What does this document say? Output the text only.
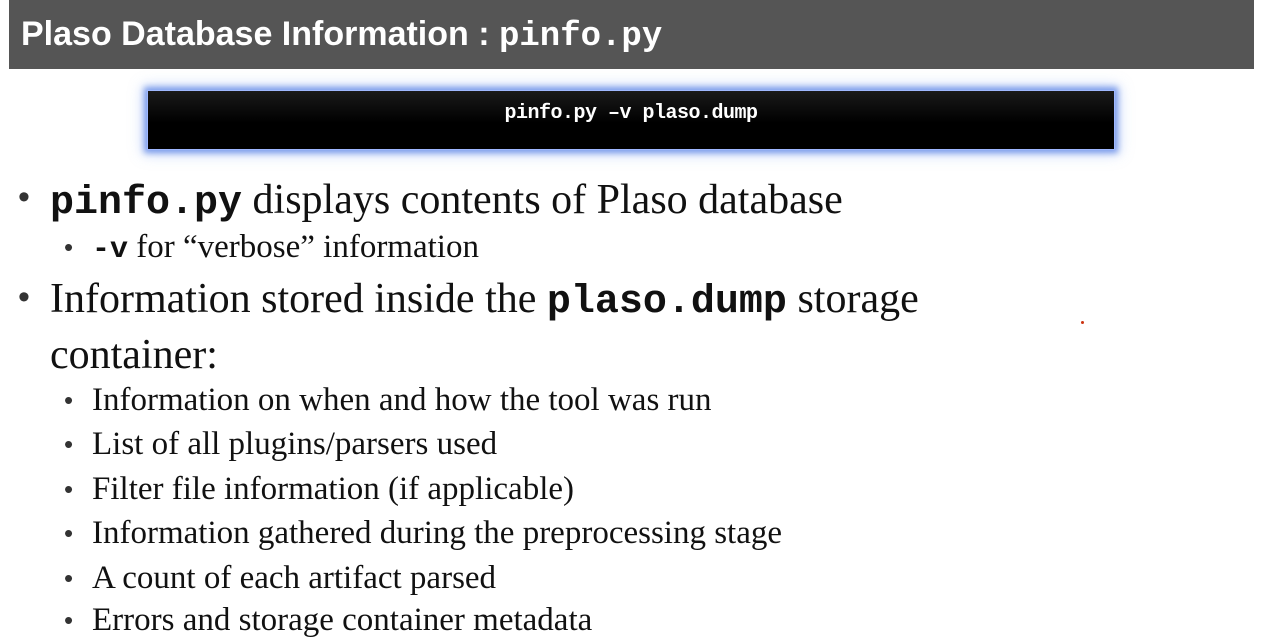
Plaso Database Information : pinfo.py
pinfo.py –v plaso.dump
• pinfo.py displays contents of Plaso database
• -v for “verbose” information
• Information stored inside the plaso.dump storage
container:
• Information on when and how the tool was run
• List of all plugins/parsers used
• Filter file information (if applicable)
• Information gathered during the preprocessing stage
• A count of each artifact parsed
• Errors and storage container metadata
